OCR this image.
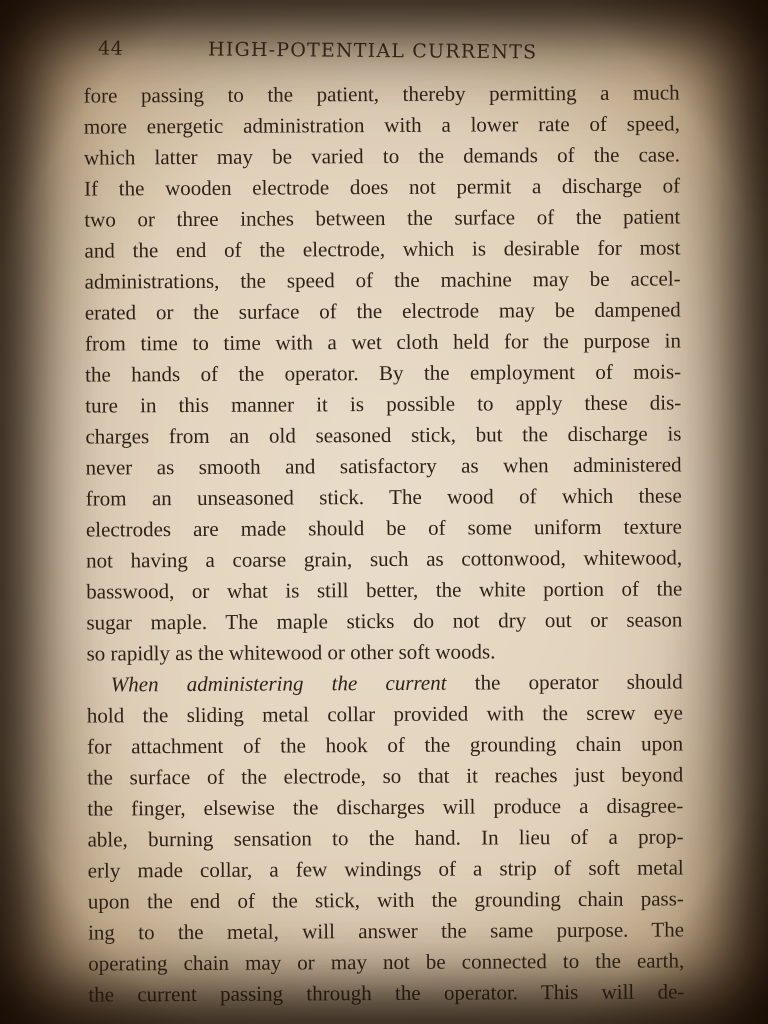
44	HIGH-POTENTIAL CURRENTS
fore passing to the patient, thereby permitting a much
more energetic administration with a lower rate of speed,
which latter may be varied to the demands of the case.
If the wooden electrode does not permit a discharge of
two or three inches between the surface of the patient
and the end of the electrode, which is desirable for most
administrations, the speed of the machine may be accel-
erated or the surface of the electrode may be dampened
from time to time with a wet cloth held for the purpose in
the hands of the operator. By the employment of mois-
ture in this manner it is possible to apply these dis-
charges from an old seasoned stick, but the discharge is
never as smooth and satisfactory as when administered
from an unseasoned stick. The wood of which these
electrodes are made should be of some uniform texture
not having a coarse grain, such as cottonwood, whitewood,
basswood, or what is still better, the white portion of the
sugar maple. The maple sticks do not dry out or season
so rapidly as the whitewood or other soft woods.
When administering the current the operator should
hold the sliding metal collar provided with the screw eye
for attachment of the hook of the grounding chain upon
the surface of the electrode, so that it reaches just beyond
the finger, elsewise the discharges will produce a disagree-
able, burning sensation to the hand. In lieu of a prop-
erly made collar, a few windings of a strip of soft metal
upon the end of the stick, with the grounding chain pass-
ing to the metal, will answer the same purpose. The
operating chain may or may not be connected to the earth,
the current passing through the operator. This will de-
